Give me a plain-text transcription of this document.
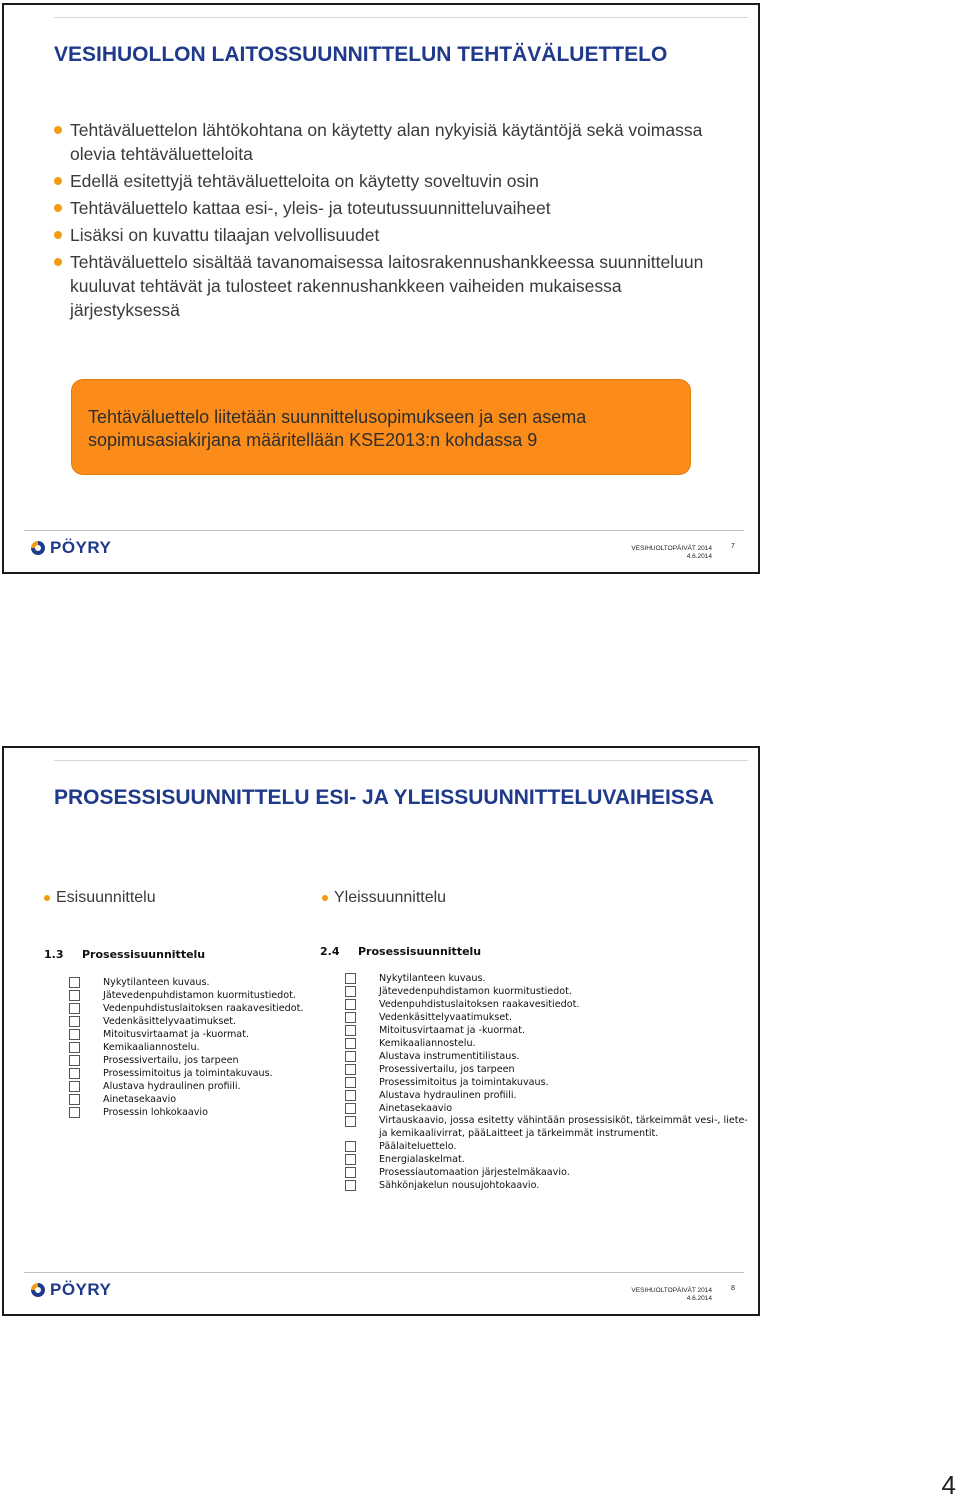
VESIHUOLLON LAITOSSUUNNITTELUN TEHTÄVÄLUETTELO
Tehtäväluettelon lähtökohtana on käytetty alan nykyisiä käytäntöjä sekä voimassa olevia tehtäväluetteloita
Edellä esitettyjä tehtäväluetteloita on käytetty soveltuvin osin
Tehtäväluettelo kattaa esi-, yleis- ja toteutussuunnitteluvaiheet
Lisäksi on kuvattu tilaajan velvollisuudet
Tehtäväluettelo sisältää tavanomaisessa laitosrakennushankkeessa suunnitteluun kuuluvat tehtävät ja tulosteet rakennushankkeen vaiheiden mukaisessa järjestyksessä
Tehtäväluettelo liitetään suunnittelusopimukseen ja sen asema sopimusasiakirjana määritellään KSE2013:n kohdassa 9
PÖYRY	VESIHUOLTOPÄIVÄT 2014
4.6.2014
7
PROSESSISUUNNITTELU ESI- JA YLEISSUUNNITTELUVAIHEISSA
Esisuunnittelu	Yleissuunnittelu
1.3 Prosessisuunnittelu
Nykytilanteen kuvaus.
Jätevedenpuhdistamon kuormitustiedot.
Vedenpuhdistuslaitoksen raakavesitiedot.
Vedenkäsittelyvaatimukset.
Mitoitusvirtaamat ja -kuormat.
Kemikaaliannostelu.
Prosessivertailu, jos tarpeen
Prosessimitoitus ja toimintakuvaus.
Alustava hydraulinen profiili.
Ainetasekaavio
Prosessin lohkokaavio
2.4 Prosessisuunnittelu
Nykytilanteen kuvaus.
Jätevedenpuhdistamon kuormitustiedot.
Vedenpuhdistuslaitoksen raakavesitiedot.
Vedenkäsittelyvaatimukset.
Mitoitusvirtaamat ja -kuormat.
Kemikaaliannostelu.
Alustava instrumentitilistaus.
Prosessivertailu, jos tarpeen
Prosessimitoitus ja toimintakuvaus.
Alustava hydraulinen profiili.
Ainetasekaavio
Virtauskaavio, jossa esitetty vähintään prosessisiköt, tärkeimmät vesi-, liete- ja kemikaalivirrat, pääLaitteet ja tärkeimmät instrumentit.
Päälaiteluettelo.
Energialaskelmat.
Prosessiautomaation järjestelmäkaavio.
Sähkönjakelun nousujohtokaavio.
PÖYRY	VESIHUOLTOPÄIVÄT 2014
4.6.2014
8
4
